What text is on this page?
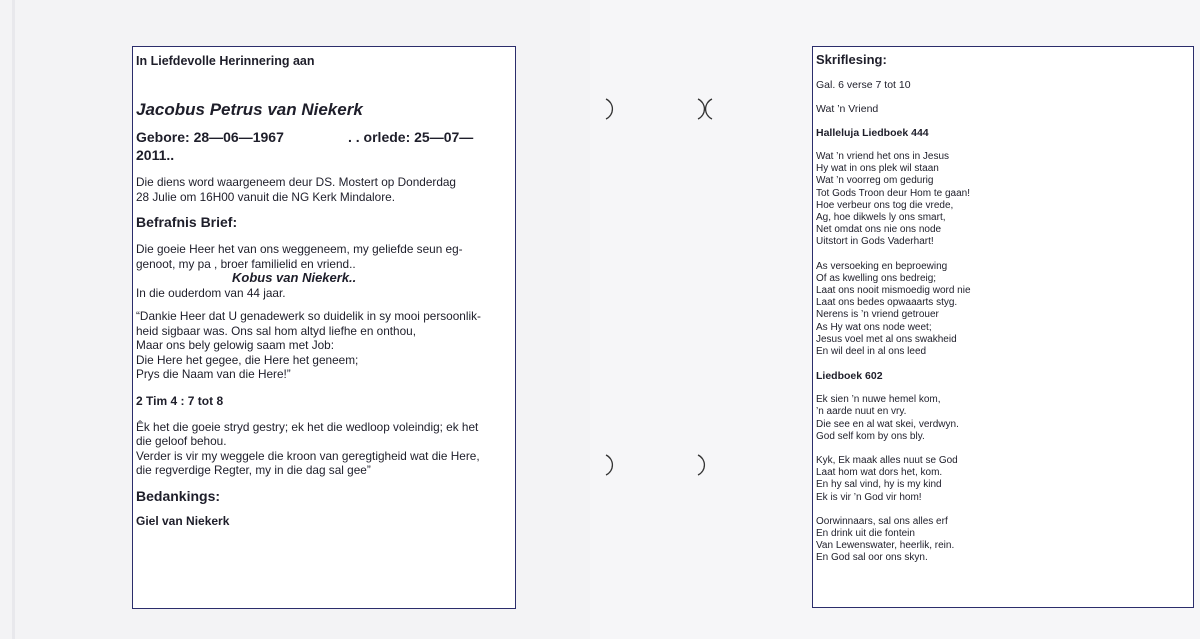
In Liefdevolle Herinnering aan
Jacobus Petrus van Niekerk
Gebore: 28—06—1967	. . orlede: 25—07—
2011..
Die diens word waargeneem deur DS. Mostert op Donderdag
28 Julie om 16H00 vanuit die NG Kerk Mindalore.
Befrafnis Brief:
Die goeie Heer het van ons weggeneem, my geliefde seun eg-
genoot, my pa , broer familielid en vriend..
Kobus van Niekerk..
In die ouderdom van 44 jaar.
“Dankie Heer dat U genadewerk so duidelik in sy mooi persoonlik-
heid sigbaar was. Ons sal hom altyd liefhe en onthou,
Maar ons bely gelowig saam met Job:
Die Here het gegee, die Here het geneem;
Prys die Naam van die Here!”
2 Tim 4 : 7 tot 8
Êk het die goeie stryd gestry; ek het die wedloop voleindig; ek het
die geloof behou.
Verder is vir my weggele die kroon van geregtigheid wat die Here,
die regverdige Regter, my in die dag sal gee”
Bedankings:
Giel van Niekerk
Skriflesing:
Gal. 6 verse 7 tot 10
Wat ’n Vriend
Halleluja Liedboek 444
Wat ’n vriend het ons in Jesus
Hy wat in ons plek wil staan
Wat ’n voorreg om gedurig
Tot Gods Troon deur Hom te gaan!
Hoe verbeur ons tog die vrede,
Ag, hoe dikwels ly ons smart,
Net omdat ons nie ons node
Uitstort in Gods Vaderhart!
As versoeking en beproewing
Of as kwelling ons bedreig;
Laat ons nooit mismoedig word nie
Laat ons bedes opwaaarts styg.
Nerens is ’n vriend getrouer
As Hy wat ons node weet;
Jesus voel met al ons swakheid
En wil deel in al ons leed
Liedboek 602
Ek sien ’n nuwe hemel kom,
’n aarde nuut en vry.
Die see en al wat skei, verdwyn.
God self kom by ons bly.
Kyk, Ek maak alles nuut se God
Laat hom wat dors het, kom.
En hy sal vind, hy is my kind
Ek is vir ’n God vir hom!
Oorwinnaars, sal ons alles erf
En drink uit die fontein
Van Lewenswater, heerlik, rein.
En God sal oor ons skyn.
